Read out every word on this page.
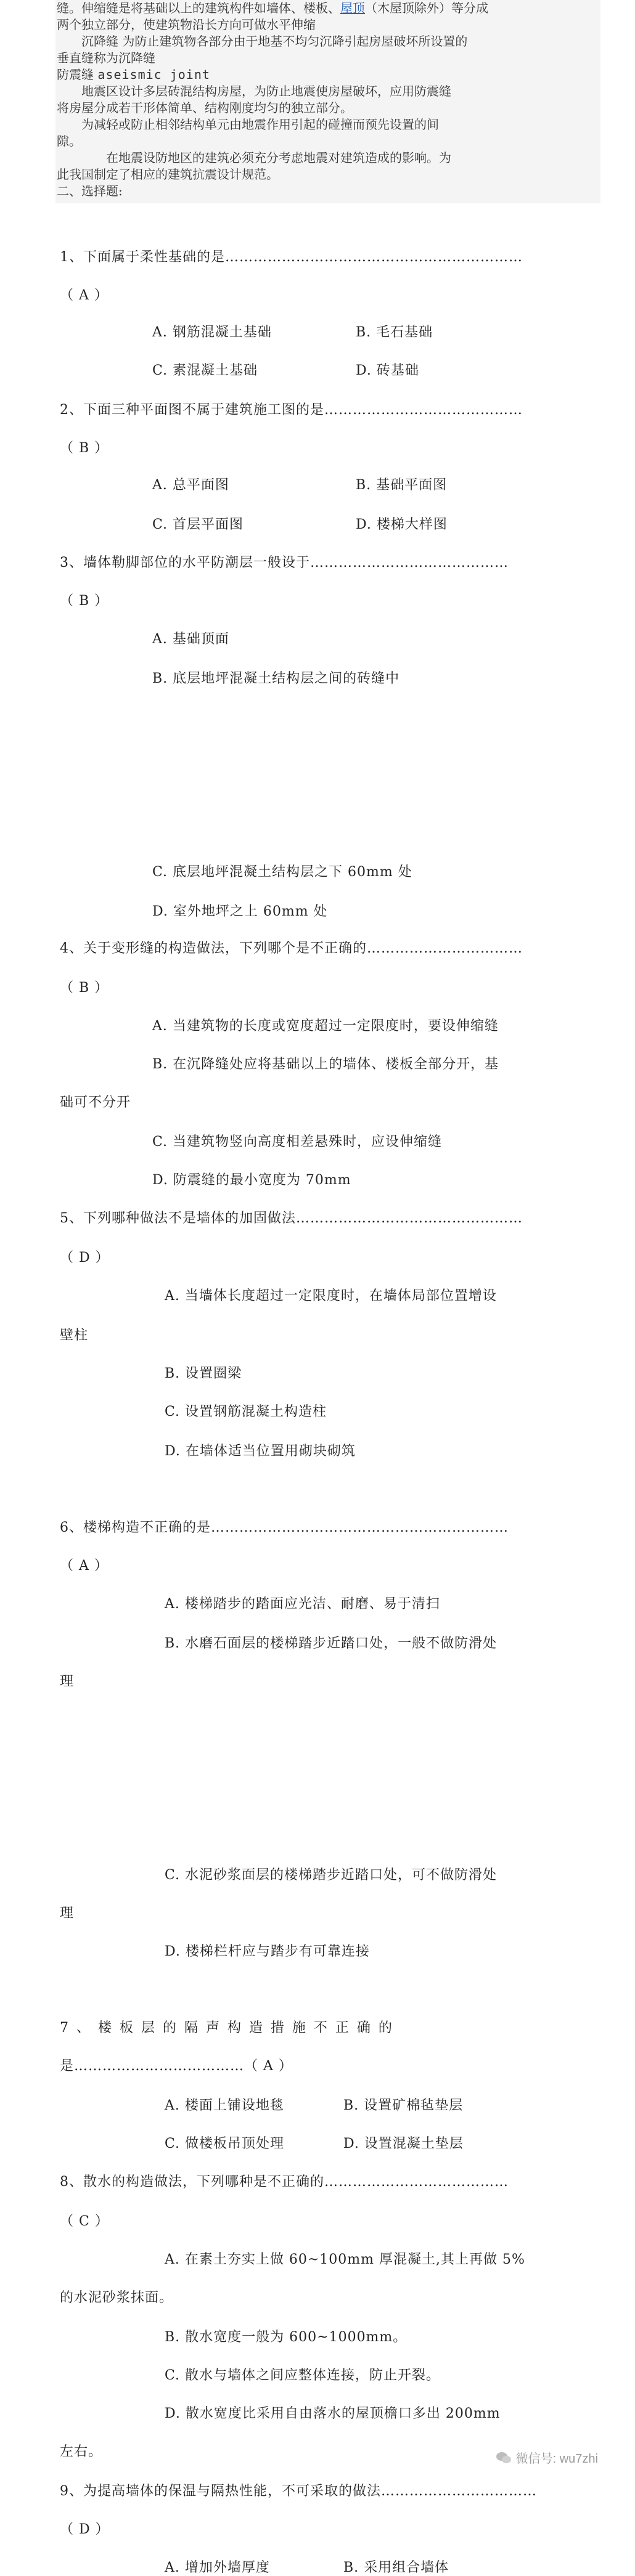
缝。伸缩缝是将基础以上的建筑构件如墙体、楼板、屋顶（木屋顶除外）等分成
两个独立部分，使建筑物沿长方向可做水平伸缩
沉降缝 为防止建筑物各部分由于地基不均匀沉降引起房屋破坏所设置的
垂直缝称为沉降缝
防震缝 aseismic joint
地震区设计多层砖混结构房屋，为防止地震使房屋破坏，应用防震缝
将房屋分成若干形体简单、结构刚度均匀的独立部分。
为减轻或防止相邻结构单元由地震作用引起的碰撞而预先设置的间
隙。
在地震设防地区的建筑必须充分考虑地震对建筑造成的影响。为
此我国制定了相应的建筑抗震设计规范。
二、选择题:
1、下面属于柔性基础的是………………………………………………………
（ A ）
A. 钢筋混凝土基础	B. 毛石基础
C. 素混凝土基础	D. 砖基础
2、下面三种平面图不属于建筑施工图的是……………………………………
（ B ）
A. 总平面图	B. 基础平面图
C. 首层平面图	D. 楼梯大样图
3、墙体勒脚部位的水平防潮层一般设于……………………………………
（ B ）
A. 基础顶面
B. 底层地坪混凝土结构层之间的砖缝中
C. 底层地坪混凝土结构层之下 60mm 处
D. 室外地坪之上 60mm 处
4、关于变形缝的构造做法，下列哪个是不正确的……………………………
（ B ）
A. 当建筑物的长度或宽度超过一定限度时，要设伸缩缝
B. 在沉降缝处应将基础以上的墙体、楼板全部分开，基
础可不分开
C. 当建筑物竖向高度相差悬殊时，应设伸缩缝
D. 防震缝的最小宽度为 70mm
5、下列哪种做法不是墙体的加固做法…………………………………………
（ D ）
A. 当墙体长度超过一定限度时，在墙体局部位置增设
壁柱
B. 设置圈梁
C. 设置钢筋混凝土构造柱
D. 在墙体适当位置用砌块砌筑
6、楼梯构造不正确的是………………………………………………………
（ A ）
A. 楼梯踏步的踏面应光洁、耐磨、易于清扫
B. 水磨石面层的楼梯踏步近踏口处，一般不做防滑处
理
C. 水泥砂浆面层的楼梯踏步近踏口处，可不做防滑处
理
D. 楼梯栏杆应与踏步有可靠连接
7 、 楼 板 层 的 隔 声 构 造 措 施 不 正 确 的
是………………………………（ A ）
A. 楼面上铺设地毯	B. 设置矿棉毡垫层
C. 做楼板吊顶处理	D. 设置混凝土垫层
8、散水的构造做法，下列哪种是不正确的…………………………………
（ C ）
A. 在素土夯实上做 60~100mm 厚混凝土,其上再做 5%
的水泥砂浆抹面。
B. 散水宽度一般为 600~1000mm。
C. 散水与墙体之间应整体连接，防止开裂。
D. 散水宽度比采用自由落水的屋顶檐口多出 200mm
左右。
9、为提高墙体的保温与隔热性能，不可采取的做法……………………………
（ D ）
A. 增加外墙厚度	B. 采用组合墙体
微信号: wu7zhi
